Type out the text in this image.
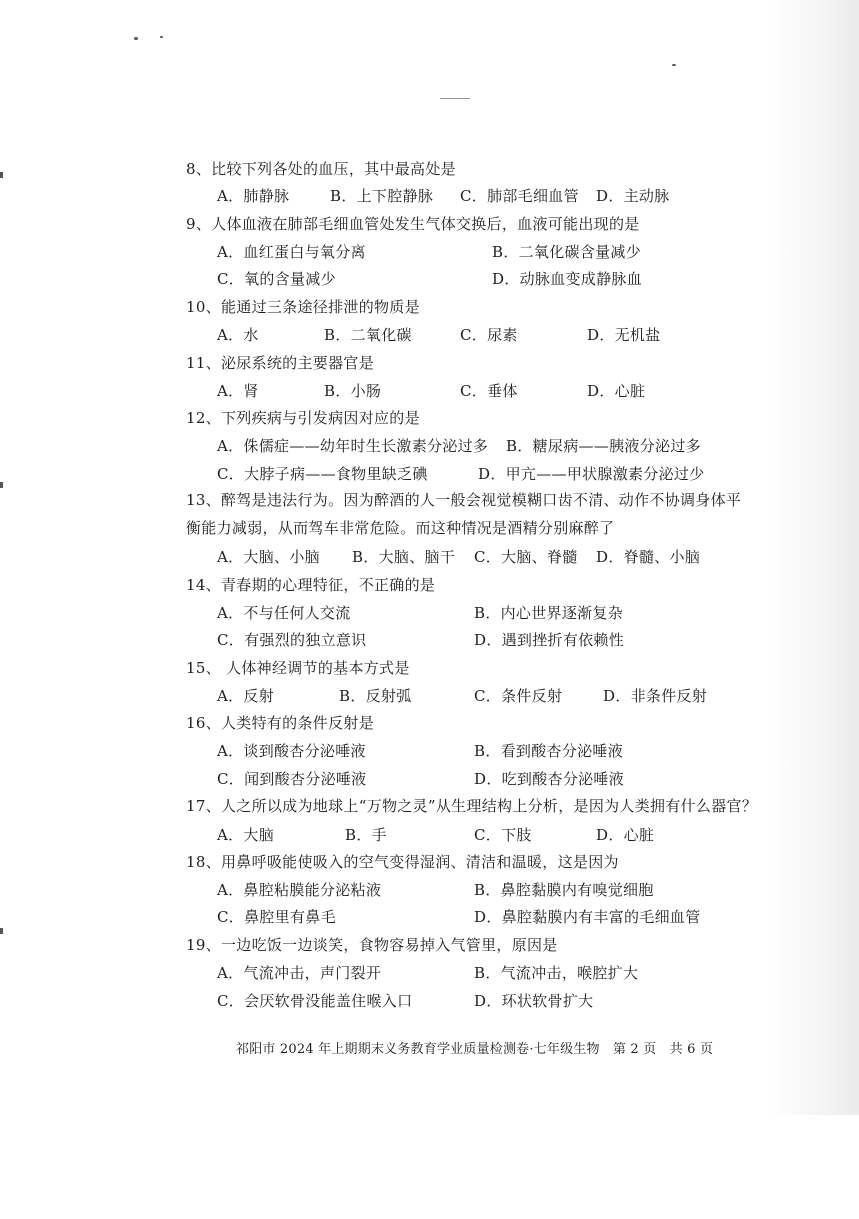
8、比较下列各处的血压，其中最高处是
A．肺静脉	B．上下腔静脉 C．肺部毛细血管 D．主动脉
9、人体血液在肺部毛细血管处发生气体交换后，血液可能出现的是
A．血红蛋白与氧分离	B．二氧化碳含量减少
C．氧的含量减少	D．动脉血变成静脉血
10、能通过三条途径排泄的物质是
A．水	B．二氧化碳	C．尿素	D．无机盐
11、泌尿系统的主要器官是
A．肾	B．小肠	C．垂体	D．心脏
12、下列疾病与引发病因对应的是
A．侏儒症——幼年时生长激素分泌过多 B．糖尿病——胰液分泌过多
C．大脖子病——食物里缺乏碘	D．甲亢——甲状腺激素分泌过少
13、醉驾是违法行为。因为醉酒的人一般会视觉模糊口齿不清、动作不协调身体平衡能力减弱，从而驾车非常危险。而这种情况是酒精分别麻醉了
A．大脑、小脑 B．大脑、脑干 C．大脑、脊髓 D．脊髓、小脑
14、青春期的心理特征，不正确的是
A．不与任何人交流	B．内心世界逐渐复杂
C．有强烈的独立意识	D．遇到挫折有依赖性
15、 人体神经调节的基本方式是
A．反射	B．反射弧	C．条件反射	D．非条件反射
16、人类特有的条件反射是
A．谈到酸杏分泌唾液	B．看到酸杏分泌唾液
C．闻到酸杏分泌唾液	D．吃到酸杏分泌唾液
17、人之所以成为地球上“万物之灵”从生理结构上分析，是因为人类拥有什么器官？
A．大脑	B．手	C．下肢	D．心脏
18、用鼻呼吸能使吸入的空气变得湿润、清洁和温暖，这是因为
A．鼻腔粘膜能分泌粘液	B．鼻腔黏膜内有嗅觉细胞
C．鼻腔里有鼻毛	D．鼻腔黏膜内有丰富的毛细血管
19、一边吃饭一边谈笑，食物容易掉入气管里，原因是
A．气流冲击，声门裂开	B．气流冲击，喉腔扩大
C．会厌软骨没能盖住喉入口	D．环状软骨扩大
祁阳市 2024 年上期期末义务教育学业质量检测卷·七年级生物　第 2 页　共 6 页
